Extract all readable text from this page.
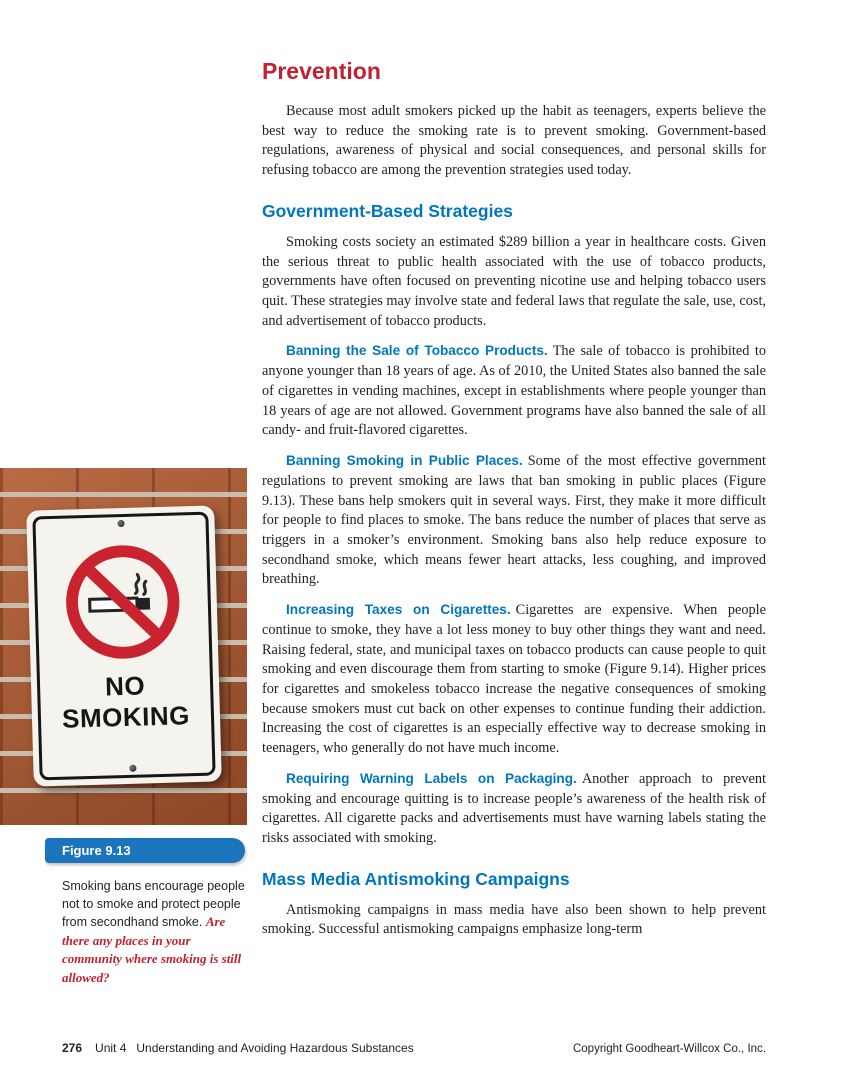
Prevention

Because most adult smokers picked up the habit as teenagers, experts believe the best way to reduce the smoking rate is to prevent smoking. Government-based regulations, awareness of physical and social consequences, and personal skills for refusing tobacco are among the prevention strategies used today.

Government-Based Strategies

Smoking costs society an estimated $289 billion a year in healthcare costs. Given the serious threat to public health associated with the use of tobacco products, governments have often focused on preventing nicotine use and helping tobacco users quit. These strategies may involve state and federal laws that regulate the sale, use, cost, and advertisement of tobacco products.

Banning the Sale of Tobacco Products. The sale of tobacco is prohibited to anyone younger than 18 years of age. As of 2010, the United States also banned the sale of cigarettes in vending machines, except in establishments where people younger than 18 years of age are not allowed. Government programs have also banned the sale of all candy- and fruit-flavored cigarettes.

Banning Smoking in Public Places. Some of the most effective government regulations to prevent smoking are laws that ban smoking in public places (Figure 9.13). These bans help smokers quit in several ways. First, they make it more difficult for people to find places to smoke. The bans reduce the number of places that serve as triggers in a smoker’s environment. Smoking bans also help reduce exposure to secondhand smoke, which means fewer heart attacks, less coughing, and improved breathing.

Increasing Taxes on Cigarettes. Cigarettes are expensive. When people continue to smoke, they have a lot less money to buy other things they want and need. Raising federal, state, and municipal taxes on tobacco products can cause people to quit smoking and even discourage them from starting to smoke (Figure 9.14). Higher prices for cigarettes and smokeless tobacco increase the negative consequences of smoking because smokers must cut back on other expenses to continue funding their addiction. Increasing the cost of cigarettes is an especially effective way to decrease smoking in teenagers, who generally do not have much income.

Requiring Warning Labels on Packaging. Another approach to prevent smoking and encourage quitting is to increase people’s awareness of the health risk of cigarettes. All cigarette packs and advertisements must have warning labels stating the risks associated with smoking.

Mass Media Antismoking Campaigns

Antismoking campaigns in mass media have also been shown to help prevent smoking. Successful antismoking campaigns emphasize long-term

NO
SMOKING
Figure 9.13
Smoking bans encourage people not to smoke and protect people from secondhand smoke. Are there any places in your community where smoking is still allowed?
276 Unit 4 Understanding and Avoiding Hazardous Substances	Copyright Goodheart-Willcox Co., Inc.
